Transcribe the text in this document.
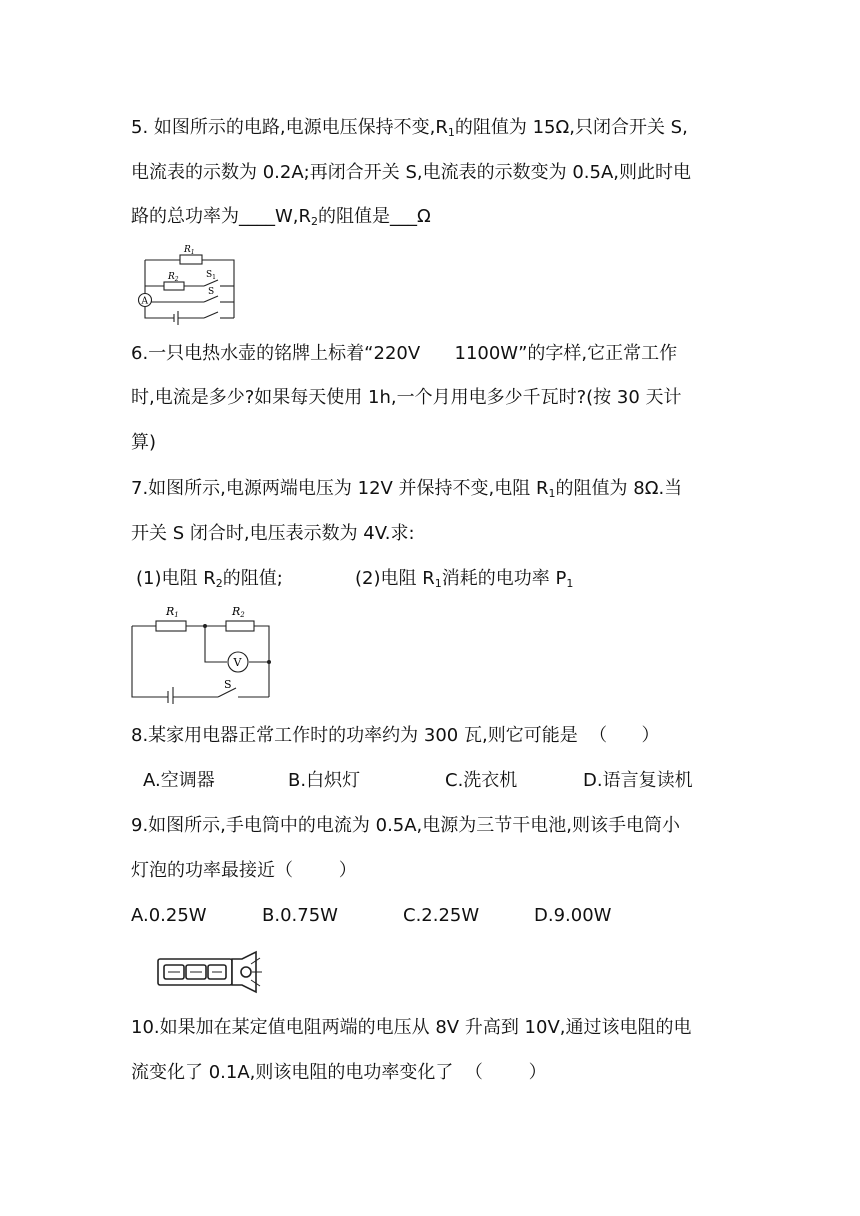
5. 如图所示的电路,电源电压保持不变$,R_1$的阻值为 15Ω,只闭合开关 S,
电流表的示数为 0.2A;再闭合开关 S,电流表的示数变为 0.5A,则此时电
路的总功率为$\_\_\_\_W,R_2$的阻值是___Ω
A
$R_1$
$R_2$	$S_1$
S
6.一只电热水壶的铭牌上标着“220V      1100W”的字样,它正常工作
时,电流是多少?如果每天使用 1h,一个月用电多少千瓦时?(按 30 天计
算)
7.如图所示,电源两端电压为 12V 并保持不变,电阻 $R_1$的阻值为 8Ω.当
开关 S 闭合时,电压表示数为 4V.求:
(1)电阻 $R_2$的阻值;	(2)电阻 $R_1$消耗的电功率 $P_1$
V
R1	R2
S
8.某家用电器正常工作时的功率约为 300 瓦,则它可能是  （      ）
A.空调器	B.白炽灯	C.洗衣机	D.语言复读机
9.如图所示,手电筒中的电流为 0.5A,电源为三节干电池,则该手电筒小
灯泡的功率最接近（        ）
A.0.25W	B.0.75W	C.2.25W	D.9.00W
10.如果加在某定值电阻两端的电压从 8V 升高到 10V,通过该电阻的电
流变化了 0.1A,则该电阻的电功率变化了  （        ）
